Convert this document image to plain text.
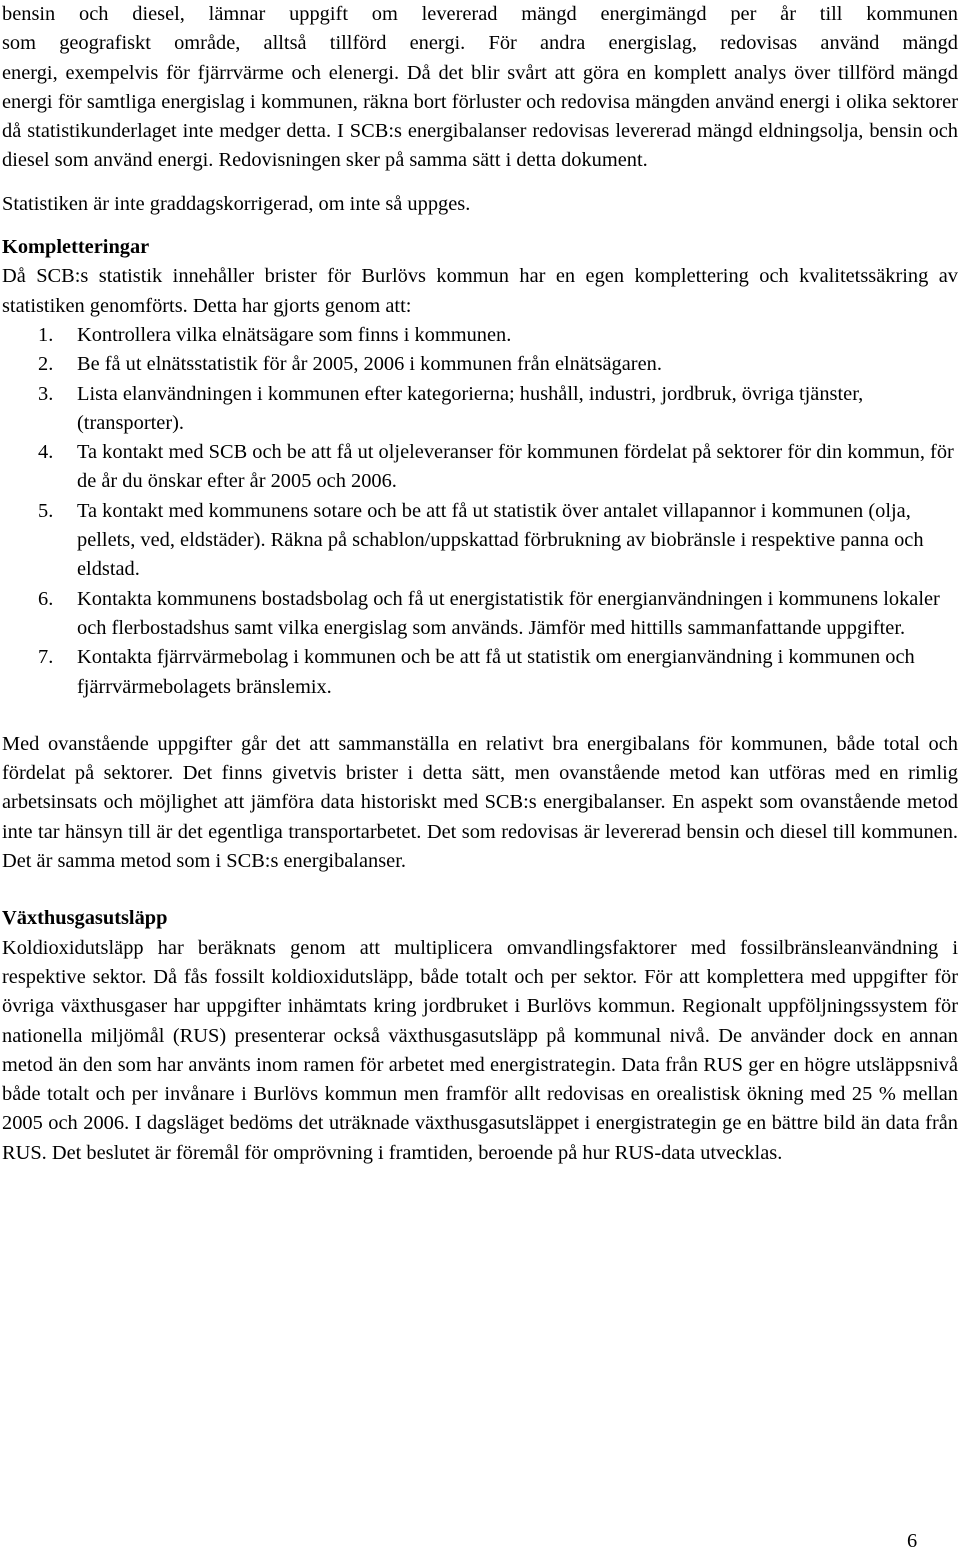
bensin och diesel, lämnar uppgift om levererad mängd energimängd per år till kommunen

som geografiskt område, alltså tillförd energi. För andra energislag, redovisas använd mängd

energi, exempelvis för fjärrvärme och elenergi. Då det blir svårt att göra en komplett analys över tillförd mängd energi för samtliga energislag i kommunen, räkna bort förluster och redovisa mängden använd energi i olika sektorer då statistikunderlaget inte medger detta. I SCB:s energibalanser redovisas levererad mängd eldningsolja, bensin och diesel som använd energi. Redovisningen sker på samma sätt i detta dokument.

Statistiken är inte graddagskorrigerad, om inte så uppges.

Kompletteringar

Då SCB:s statistik innehåller brister för Burlövs kommun har en egen komplettering och kvalitetssäkring av statistiken genomförts. Detta har gjorts genom att:

1. Kontrollera vilka elnätsägare som finns i kommunen.
2. Be få ut elnätsstatistik för år 2005, 2006 i kommunen från elnätsägaren.
3. Lista elanvändningen i kommunen efter kategorierna; hushåll, industri, jordbruk, övriga tjänster, (transporter).
4. Ta kontakt med SCB och be att få ut oljeleveranser för kommunen fördelat på sektorer för din kommun, för de år du önskar efter år 2005 och 2006.
5. Ta kontakt med kommunens sotare och be att få ut statistik över antalet villapannor i kommunen (olja, pellets, ved, eldstäder). Räkna på schablon/uppskattad förbrukning av biobränsle i respektive panna och eldstad.
6. Kontakta kommunens bostadsbolag och få ut energistatistik för energianvändningen i kommunens lokaler och flerbostadshus samt vilka energislag som används. Jämför med hittills sammanfattande uppgifter.
7. Kontakta fjärrvärmebolag i kommunen och be att få ut statistik om energianvändning i kommunen och fjärrvärmebolagets bränslemix.

Med ovanstående uppgifter går det att sammanställa en relativt bra energibalans för kommunen, både total och fördelat på sektorer. Det finns givetvis brister i detta sätt, men ovanstående metod kan utföras med en rimlig arbetsinsats och möjlighet att jämföra data historiskt med SCB:s energibalanser. En aspekt som ovanstående metod inte tar hänsyn till är det egentliga transportarbetet. Det som redovisas är levererad bensin och diesel till kommunen. Det är samma metod som i SCB:s energibalanser.

Växthusgasutsläpp

Koldioxidutsläpp har beräknats genom att multiplicera omvandlingsfaktorer med fossilbränsleanvändning i respektive sektor. Då fås fossilt koldioxidutsläpp, både totalt och per sektor. För att komplettera med uppgifter för övriga växthusgaser har uppgifter inhämtats kring jordbruket i Burlövs kommun. Regionalt uppföljningssystem för nationella miljömål (RUS) presenterar också växthusgasutsläpp på kommunal nivå. De använder dock en annan metod än den som har använts inom ramen för arbetet med energistrategin. Data från RUS ger en högre utsläppsnivå både totalt och per invånare i Burlövs kommun men framför allt redovisas en orealistisk ökning med 25 % mellan 2005 och 2006. I dagsläget bedöms det uträknade växthusgasutsläppet i energistrategin ge en bättre bild än data från RUS. Det beslutet är föremål för omprövning i framtiden, beroende på hur RUS-data utvecklas.

6
